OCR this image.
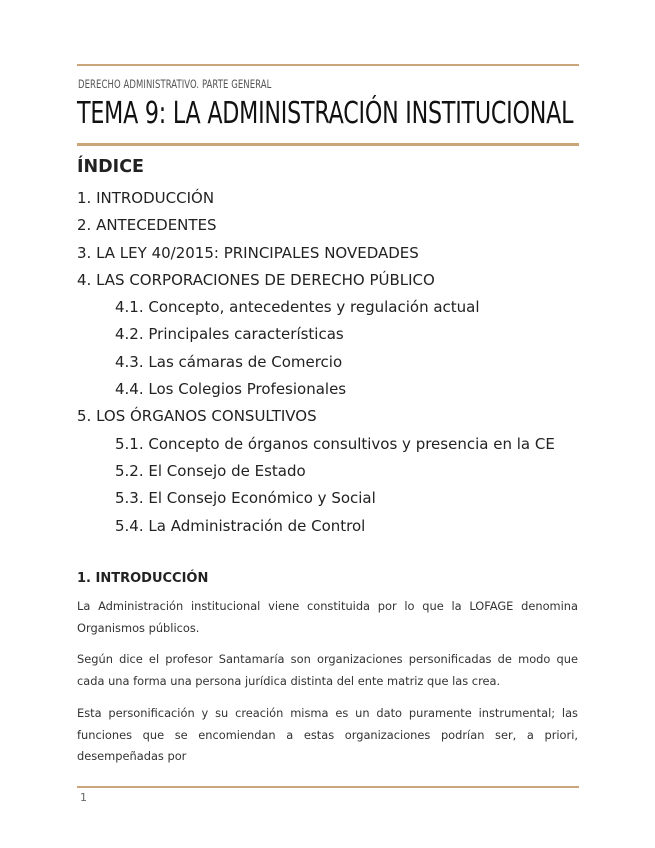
DERECHO ADMINISTRATIVO. PARTE GENERAL
TEMA 9: LA ADMINISTRACIÓN INSTITUCIONAL
ÍNDICE
1. INTRODUCCIÓN
2. ANTECEDENTES
3. LA LEY 40/2015: PRINCIPALES NOVEDADES
4. LAS CORPORACIONES DE DERECHO PÚBLICO
4.1. Concepto, antecedentes y regulación actual
4.2. Principales características
4.3. Las cámaras de Comercio
4.4. Los Colegios Profesionales
5. LOS ÓRGANOS CONSULTIVOS
5.1. Concepto de órganos consultivos y presencia en la CE
5.2. El Consejo de Estado
5.3. El Consejo Económico y Social
5.4. La Administración de Control
1. INTRODUCCIÓN

La Administración institucional viene constituida por lo que la LOFAGE denomina Organismos públicos.

Según dice el profesor Santamaría son organizaciones personificadas de modo que cada una forma una persona jurídica distinta del ente matriz que las crea.

Esta personificación y su creación misma es un dato puramente instrumental; las funciones que se encomiendan a estas organizaciones podrían ser, a priori, desempeñadas por

1
